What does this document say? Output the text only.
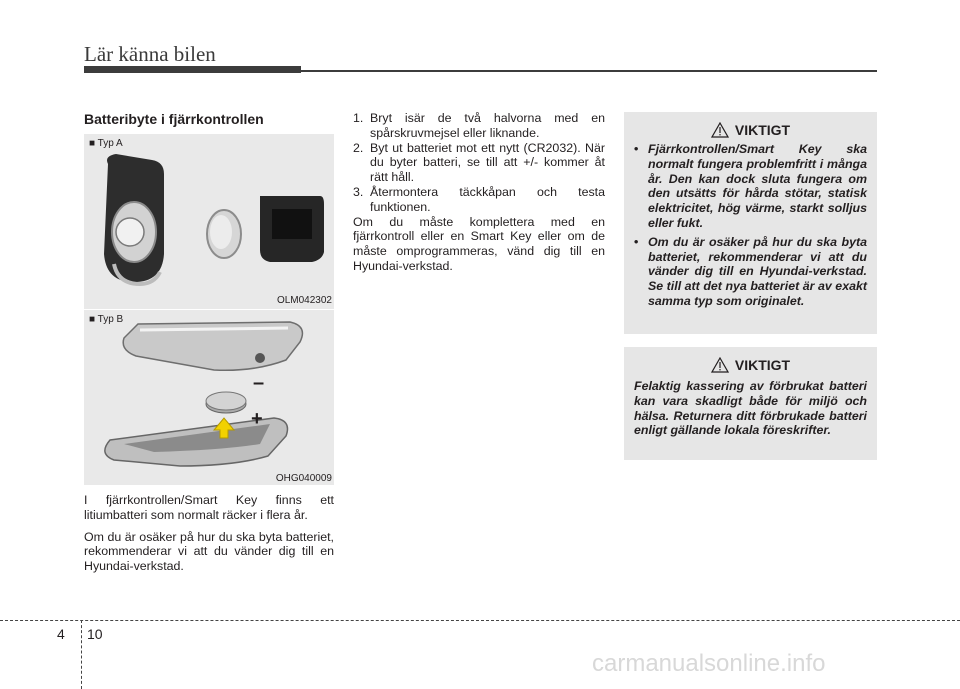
Lär känna bilen
Batteribyte i fjärrkontrollen
■ Typ A
OLM042302
–
+
■ Typ B
OHG040009

I fjärrkontrollen/Smart Key finns ett litiumbatteri som normalt räcker i flera år.

Om du är osäker på hur du ska byta batteriet, rekommenderar vi att du vänder dig till en Hyundai-verkstad.

1. Bryt isär de två halvorna med en spårskruvmejsel eller liknande.
2. Byt ut batteriet mot ett nytt (CR2032). När du byter batteri, se till att +/- kommer åt rätt håll.
3. Återmontera täckkåpan och testa funktionen.
Om du måste komplettera med en fjärrkontroll eller en Smart Key eller om de måste omprogrammeras, vänd dig till en Hyundai-verkstad.
VIKTIGT
• Fjärrkontrollen/Smart Key ska normalt fungera problemfritt i många år. Den kan dock sluta fungera om den utsätts för hårda stötar, statisk elektricitet, hög värme, starkt solljus eller fukt.
• Om du är osäker på hur du ska byta batteriet, rekommenderar vi att du vänder dig till en Hyundai-verkstad. Se till att det nya batteriet är av exakt samma typ som originalet.
VIKTIGT
Felaktig kassering av förbrukat batteri kan vara skadligt både för miljö och hälsa. Returnera ditt förbrukade batteri enligt gällande lokala föreskrifter.
4 10
carmanualsonline.info
